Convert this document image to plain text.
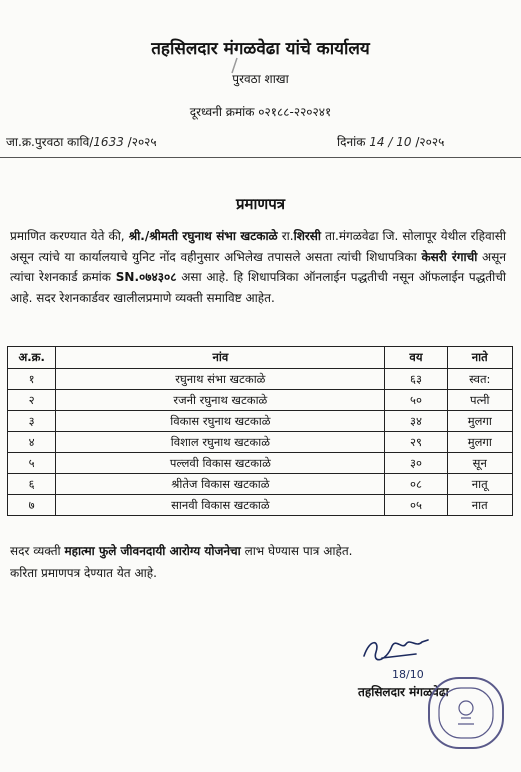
तहसिलदार मंगळवेढा यांचे कार्यालय
पुरवठा शाखा
दूरध्वनी क्रमांक ०२१८८-२२०२४१
जा.क्र.पुरवठा कावि/1633 /२०२५	दिनांक 14 / 10 /२०२५
प्रमाणपत्र
प्रमाणित करण्यात येते की, श्री./श्रीमती रघुनाथ संभा खटकाळे रा.शिरसी ता.मंगळवेढा जि. सोलापूर येथील रहिवासी असून त्यांचे या कार्यालयाचे युनिट नोंद वहीनुसार अभिलेख तपासले असता त्यांची शिधापत्रिका केसरी रंगाची असून त्यांचा रेशनकार्ड क्रमांक SN.०७४३०८ असा आहे. हि शिधापत्रिका ऑनलाईन पद्धतीची नसून ऑफलाईन पद्धतीची आहे. सदर रेशनकार्डवर खालीलप्रमाणे व्यक्ती समाविष्ट आहेत.
अ.क्र.	नांव	वय	नाते
१	रघुनाथ संभा खटकाळे	६३	स्वत:
२	रजनी रघुनाथ खटकाळे	५०	पत्नी
३	विकास रघुनाथ खटकाळे	३४	मुलगा
४	विशाल रघुनाथ खटकाळे	२९	मुलगा
५	पल्लवी विकास खटकाळे	३०	सून
६	श्रीतेज विकास खटकाळे	०८	नातू
७	सानवी विकास खटकाळे	०५	नात
सदर व्यक्ती महात्मा फुले जीवनदायी आरोग्य योजनेचा लाभ घेण्यास पात्र आहेत.
करिता प्रमाणपत्र देण्यात येत आहे.
18/10
तहसिलदार मंगळवेढा
